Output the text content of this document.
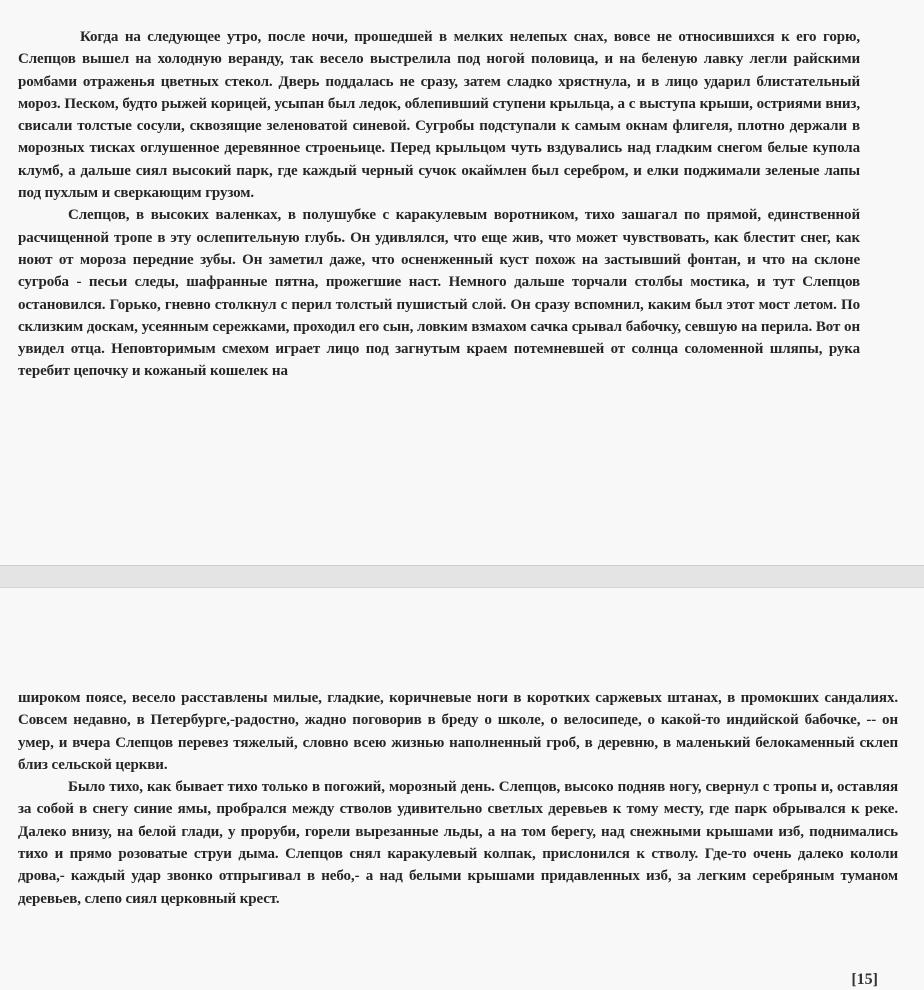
Когда на следующее утро, после ночи, прошедшей в мелких нелепых снах, вовсе не относившихся к его горю, Слепцов вышел на холодную веранду, так весело выстрелила под ногой половица, и на беленую лавку легли райскими ромбами отраженья цветных стекол. Дверь поддалась не сразу, затем сладко хрястнула, и в лицо ударил блистательный мороз. Песком, будто рыжей корицей, усыпан был ледок, облепивший ступени крыльца, а с выступа крыши, остриями вниз, свисали толстые сосули, сквозящие зеленоватой синевой. Сугробы подступали к самым окнам флигеля, плотно держали в морозных тисках оглушенное деревянное строеньице. Перед крыльцом чуть вздувались над гладким снегом белые купола клумб, а дальше сиял высокий парк, где каждый черный сучок окаймлен был серебром, и елки поджимали зеленые лапы под пухлым и сверкающим грузом.

Слепцов, в высоких валенках, в полушубке с каракулевым воротником, тихо зашагал по прямой, единственной расчищенной тропе в эту ослепительную глубь. Он удивлялся, что еще жив, что может чувствовать, как блестит снег, как ноют от мороза передние зубы. Он заметил даже, что осненженный куст похож на застывший фонтан, и что на склоне сугроба - песьи следы, шафранные пятна, прожегшие наст. Немного дальше торчали столбы мостика, и тут Слепцов остановился. Горько, гневно столкнул с перил толстый пушистый слой. Он сразу вспомнил, каким был этот мост летом. По склизким доскам, усеянным сережками, проходил его сын, ловким взмахом сачка срывал бабочку, севшую на перила. Вот он увидел отца. Неповторимым смехом играет лицо под загнутым краем потемневшей от солнца соломенной шляпы, рука теребит цепочку и кожаный кошелек на

широком поясе, весело расставлены милые, гладкие, коричневые ноги в коротких саржевых штанах, в промокших сандалиях. Совсем недавно, в Петербурге,-радостно, жадно поговорив в бреду о школе, о велосипеде, о какой-то индийской бабочке, -- он умер, и вчера Слепцов перевез тяжелый, словно всею жизнью наполненный гроб, в деревню, в маленький белокаменный склеп близ сельской церкви.

Было тихо, как бывает тихо только в погожий, морозный день. Слепцов, высоко подняв ногу, свернул с тропы и, оставляя за собой в снегу синие ямы, пробрался между стволов удивительно светлых деревьев к тому месту, где парк обрывался к реке. Далеко внизу, на белой глади, у проруби, горели вырезанные льды, а на том берегу, над снежными крышами изб, поднимались тихо и прямо розоватые струи дыма. Слепцов снял каракулевый колпак, прислонился к стволу. Где-то очень далеко кололи дрова,- каждый удар звонко отпрыгивал в небо,- а над белыми крышами придавленных изб, за легким серебряным туманом деревьев, слепо сиял церковный крест.

[15]
